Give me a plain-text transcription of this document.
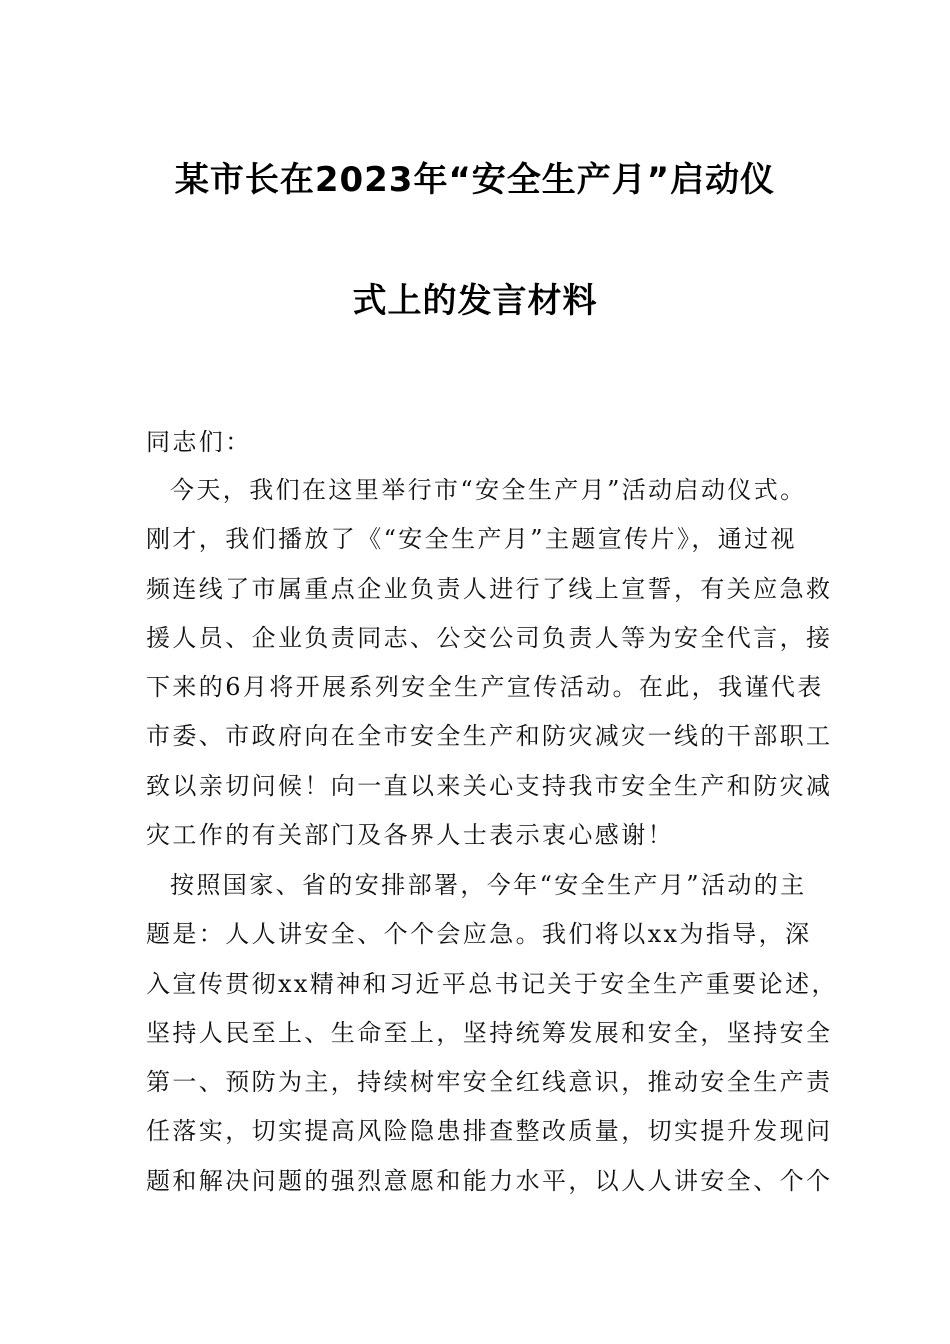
某市长在2023年“安全生产月”启动仪
式上的发言材料
同志们：
今天，我们在这里举行市“安全生产月”活动启动仪式。
刚才，我们播放了《“安全生产月”主题宣传片》，通过视
频连线了市属重点企业负责人进行了线上宣誓，有关应急救
援人员、企业负责同志、公交公司负责人等为安全代言，接
下来的6月将开展系列安全生产宣传活动。在此，我谨代表
市委、市政府向在全市安全生产和防灾减灾一线的干部职工
致以亲切问候！向一直以来关心支持我市安全生产和防灾减
灾工作的有关部门及各界人士表示衷心感谢！
按照国家、省的安排部署，今年“安全生产月”活动的主
题是：人人讲安全、个个会应急。我们将以xx为指导，深
入宣传贯彻xx精神和习近平总书记关于安全生产重要论述，
坚持人民至上、生命至上，坚持统筹发展和安全，坚持安全
第一、预防为主，持续树牢安全红线意识，推动安全生产责
任落实，切实提高风险隐患排查整改质量，切实提升发现问
题和解决问题的强烈意愿和能力水平，以人人讲安全、个个
